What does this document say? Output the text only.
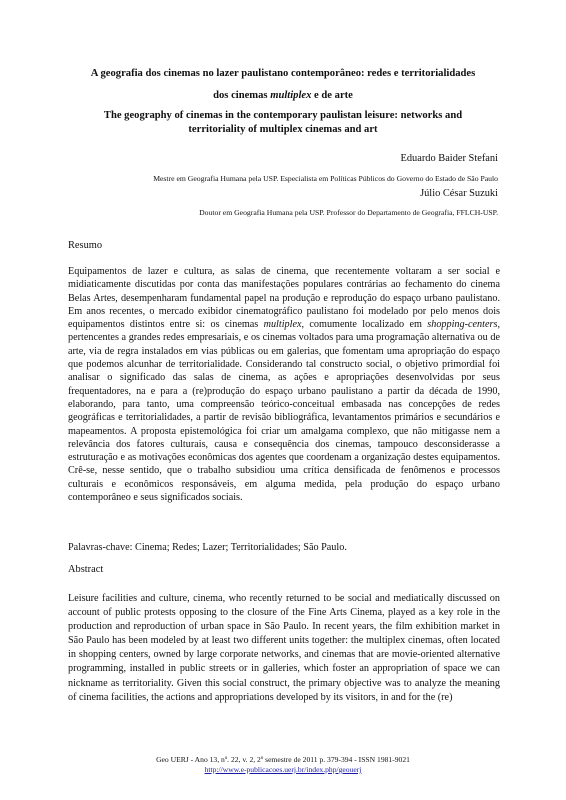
A geografia dos cinemas no lazer paulistano contemporâneo: redes e territorialidades
dos cinemas multiplex e de arte
The geography of cinemas in the contemporary paulistan leisure: networks and
territoriality of multiplex cinemas and art
Eduardo Baider Stefani
Mestre em Geografia Humana pela USP. Especialista em Políticas Públicos do Governo do Estado de São Paulo
Júlio César Suzuki
Doutor em Geografia Humana pela USP. Professor do Departamento de Geografia, FFLCH-USP.
Resumo

Equipamentos de lazer e cultura, as salas de cinema, que recentemente voltaram a ser social e midiaticamente discutidas por conta das manifestações populares contrárias ao fechamento do cinema Belas Artes, desempenharam fundamental papel na produção e reprodução do espaço urbano paulistano. Em anos recentes, o mercado exibidor cinematográfico paulistano foi modelado por pelo menos dois equipamentos distintos entre si: os cinemas multiplex, comumente localizado em shopping-centers, pertencentes a grandes redes empresariais, e os cinemas voltados para uma programação alternativa ou de arte, via de regra instalados em vias públicas ou em galerias, que fomentam uma apropriação do espaço que podemos alcunhar de territorialidade. Considerando tal constructo social, o objetivo primordial foi analisar o significado das salas de cinema, as ações e apropriações desenvolvidas por seus frequentadores, na e para a (re)produção do espaço urbano paulistano a partir da década de 1990, elaborando, para tanto, uma compreensão teórico-conceitual embasada nas concepções de redes geográficas e territorialidades, a partir de revisão bibliográfica, levantamentos primários e secundários e mapeamentos. A proposta epistemológica foi criar um amalgama complexo, que não mitigasse nem a relevância dos fatores culturais, causa e consequência dos cinemas, tampouco desconsiderasse a estruturação e as motivações econômicas dos agentes que coordenam a organização destes equipamentos. Crê-se, nesse sentido, que o trabalho subsidiou uma crítica densificada de fenômenos e processos culturais e econômicos responsáveis, em alguma medida, pela produção do espaço urbano contemporâneo e seus significados sociais.

Palavras-chave: Cinema; Redes; Lazer; Territorialidades; São Paulo.

Abstract

Leisure facilities and culture, cinema, who recently returned to be social and mediatically discussed on account of public protests opposing to the closure of the Fine Arts Cinema, played as a key role in the production and reproduction of urban space in São Paulo. In recent years, the film exhibition market in São Paulo has been modeled by at least two different units together: the multiplex cinemas, often located in shopping centers, owned by large corporate networks, and cinemas that are movie-oriented alternative programming, installed in public streets or in galleries, which foster an appropriation of space we can nickname as territoriality. Given this social construct, the primary objective was to analyze the meaning of cinema facilities, the actions and appropriations developed by its visitors, in and for the (re)

Geo UERJ - Ano 13, nº. 22, v. 2, 2º semestre de 2011 p. 379-394 - ISSN 1981-9021
http://www.e-publicacoes.uerj.br/index.php/geouerj
